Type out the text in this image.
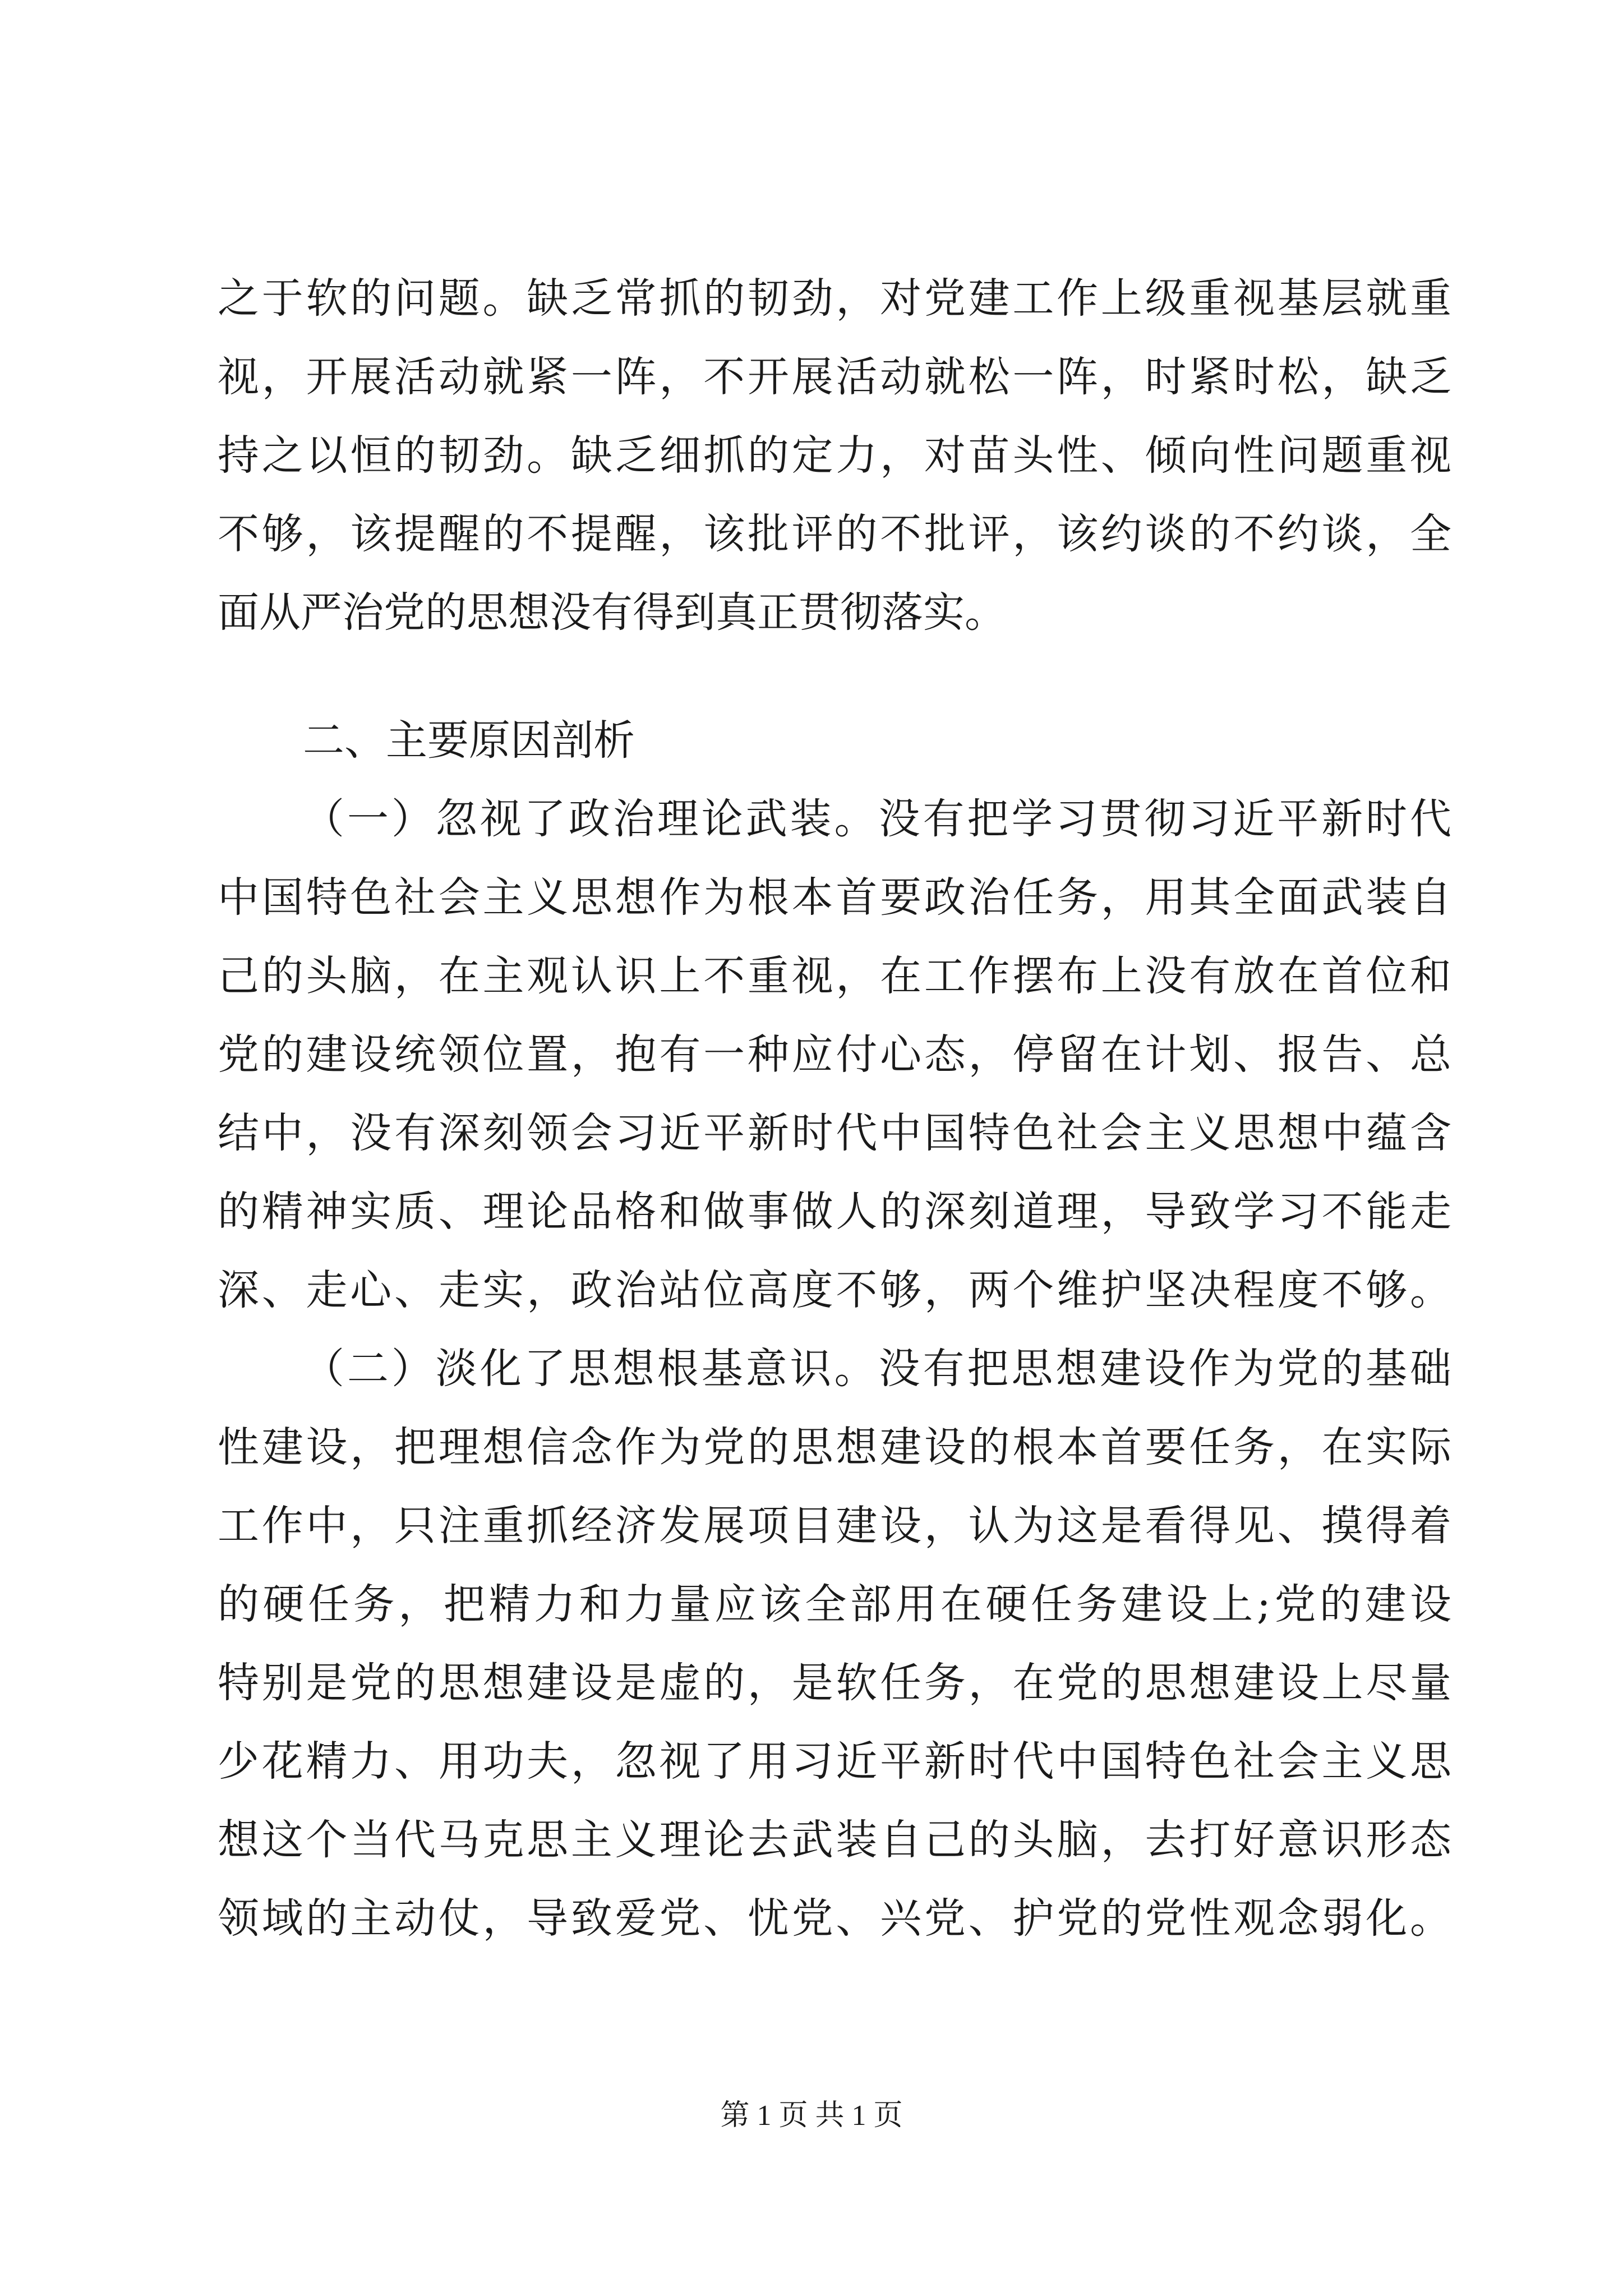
之于软的问题。缺乏常抓的韧劲，对党建工作上级重视基层就重
视，开展活动就紧一阵，不开展活动就松一阵，时紧时松，缺乏
持之以恒的韧劲。缺乏细抓的定力，对苗头性、倾向性问题重视
不够，该提醒的不提醒，该批评的不批评，该约谈的不约谈，全
面从严治党的思想没有得到真正贯彻落实。
二、主要原因剖析
（一）忽视了政治理论武装。没有把学习贯彻习近平新时代
中国特色社会主义思想作为根本首要政治任务，用其全面武装自
己的头脑，在主观认识上不重视，在工作摆布上没有放在首位和
党的建设统领位置，抱有一种应付心态，停留在计划、报告、总
结中，没有深刻领会习近平新时代中国特色社会主义思想中蕴含
的精神实质、理论品格和做事做人的深刻道理，导致学习不能走
深、走心、走实，政治站位高度不够，两个维护坚决程度不够。
（二）淡化了思想根基意识。没有把思想建设作为党的基础
性建设，把理想信念作为党的思想建设的根本首要任务，在实际
工作中，只注重抓经济发展项目建设，认为这是看得见、摸得着
的硬任务，把精力和力量应该全部用在硬任务建设上;党的建设
特别是党的思想建设是虚的，是软任务，在党的思想建设上尽量
少花精力、用功夫，忽视了用习近平新时代中国特色社会主义思
想这个当代马克思主义理论去武装自己的头脑，去打好意识形态
领域的主动仗，导致爱党、忧党、兴党、护党的党性观念弱化。
第 1 页 共 1 页
